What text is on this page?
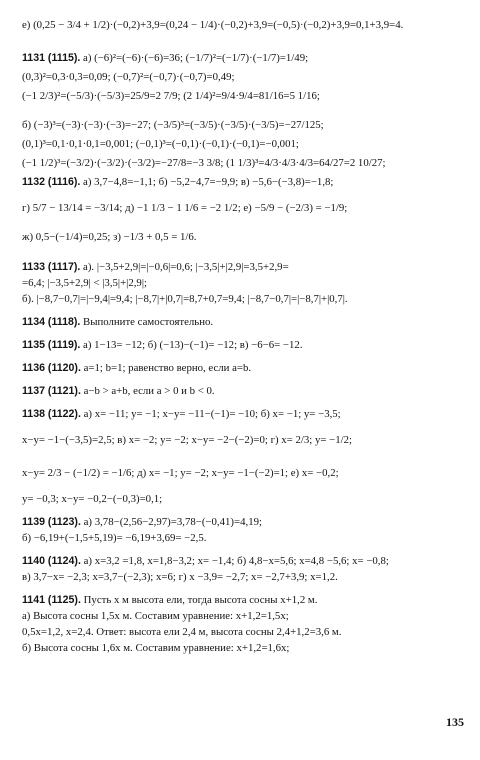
е) (0,25 − 3/4 + 1/2)·(−0,2)+3,9=(0,24 − 1/4)·(−0,2)+3,9=(−0,5)·(−0,2)+3,9=0,1+3,9=4.
1131 (1115). а) (−6)²=(−6)·(−6)=36; (−1/7)²=(−1/7)·(−1/7)=1/49;
(0,3)²=0,3·0,3=0,09; (−0,7)²=(−0,7)·(−0,7)=0,49;
(−1 2/3)²=(−5/3)·(−5/3)=25/9=2 7/9; (2 1/4)²=9/4·9/4=81/16=5 1/16;
б) (−3)³=(−3)·(−3)·(−3)=−27; (−3/5)³=(−3/5)·(−3/5)·(−3/5)=−27/125;
(0,1)³=0,1·0,1·0,1=0,001; (−0,1)³=(−0,1)·(−0,1)·(−0,1)=−0,001;
(−1 1/2)³=(−3/2)·(−3/2)·(−3/2)=−27/8=−3 3/8; (1 1/3)³=4/3·4/3·4/3=64/27=2 10/27;
1132 (1116). а) 3,7−4,8=−1,1; б) −5,2−4,7=−9,9; в) −5,6−(−3,8)=−1,8;
г) 5/7 − 13/14 = −3/14; д) −1 1/3 − 1 1/6 = −2 1/2; е) −5/9 − (−2/3) = −1/9;
ж) 0,5−(−1/4)=0,25; з) −1/3 + 0,5 = 1/6.
1133 (1117). а). |−3,5+2,9|=|−0,6|=0,6; |−3,5|+|2,9|=3,5+2,9=
=6,4; |−3,5+2,9| < |3,5|+|2,9|;
б). |−8,7−0,7|=|−9,4|=9,4; |−8,7|+|0,7|=8,7+0,7=9,4; |−8,7−0,7|=|−8,7|+|0,7|.
1134 (1118). Выполните самостоятельно.
1135 (1119). а) 1−13= −12; б) (−13)−(−1)= −12; в) −6−6= −12.
1136 (1120). a=1; b=1; равенство верно, если a=b.
1137 (1121). a−b > a+b, если a > 0 и b < 0.
1138 (1122). а) x= −11; y= −1; x−y= −11−(−1)= −10; б) x= −1; y= −3,5;
x−y= −1−(−3,5)=2,5; в) x= −2; y= −2; x−y= −2−(−2)=0; г) x= 2/3; y= −1/2;
x−y= 2/3 − (−1/2) = −1/6; д) x= −1; y= −2; x−y= −1−(−2)=1; е) x= −0,2;
y= −0,3; x−y= −0,2−(−0,3)=0,1;
1139 (1123). а) 3,78−(2,56−2,97)=3,78−(−0,41)=4,19;
б) −6,19+(−1,5+5,19)= −6,19+3,69= −2,5.
1140 (1124). а) x=3,2 =1,8, x=1,8−3,2; x= −1,4; б) 4,8−x=5,6; x=4,8 −5,6; x= −0,8;
в) 3,7−x= −2,3; x=3,7−(−2,3); x=6; г) x −3,9= −2,7; x= −2,7+3,9; x=1,2.
1141 (1125). Пусть x м высота ели, тогда высота сосны x+1,2 м.
а) Высота сосны 1,5x м. Составим уравнение: x+1,2=1,5x;
0,5x=1,2, x=2,4. Ответ: высота ели 2,4 м, высота сосны 2,4+1,2=3,6 м.
б) Высота сосны 1,6x м. Составим уравнение: x+1,2=1,6x;
135
